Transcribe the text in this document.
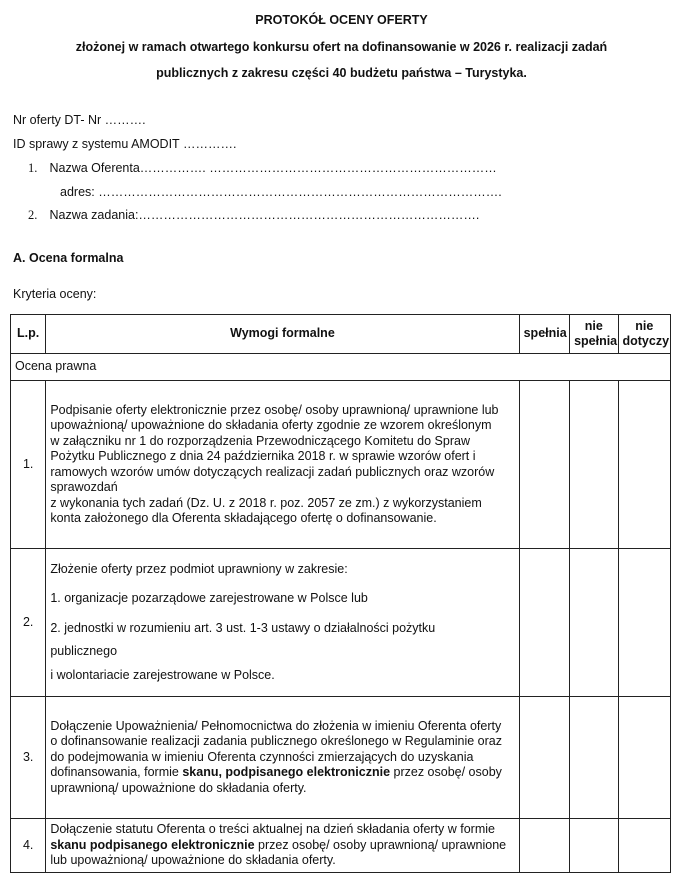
PROTOKÓŁ OCENY OFERTY
złożonej w ramach otwartego konkursu ofert na dofinansowanie w 2026 r. realizacji zadań
publicznych z zakresu części 40 budżetu państwa – Turystyka.
Nr oferty DT- Nr ……….
ID sprawy z systemu AMODIT ………….
1. Nazwa Oferenta……………. ……………………………………………………………
adres: …………………………………………………………………………………….
2. Nazwa zadania:……………………………………………………………………….
A. Ocena formalna
Kryteria oceny:
L.p.	Wymogi formalne	spełnia	nie spełnia	nie dotyczy
Ocena prawna				
1.	Podpisanie oferty elektronicznie przez osobę/ osoby uprawnioną/ uprawnione lub upoważnioną/ upoważnione do składania oferty zgodnie ze wzorem określonym

w załączniku nr 1 do rozporządzenia Przewodniczącego Komitetu do Spraw Pożytku Publicznego z dnia 24 października 2018 r. w sprawie wzorów ofert i ramowych wzorów umów dotyczących realizacji zadań publicznych oraz wzorów sprawozdań

z wykonania tych zadań (Dz. U. z 2018 r. poz. 2057 ze zm.) z wykorzystaniem konta założonego dla Oferenta składającego ofertę o dofinansowanie.			

2.	Złożenie oferty przez podmiot uprawniony w zakresie:

1. organizacje pozarządowe zarejestrowane w Polsce lub

2. jednostki w rozumieniu art. 3 ust. 1-3 ustawy o działalności pożytku

publicznego

i wolontariacie zarejestrowane w Polsce.			

3.	Dołączenie Upoważnienia/ Pełnomocnictwa do złożenia w imieniu Oferenta oferty

o dofinansowanie realizacji zadania publicznego określonego w Regulaminie oraz

do podejmowania w imieniu Oferenta czynności zmierzających do uzyskania dofinansowania, formie skanu, podpisanego elektronicznie przez osobę/ osoby uprawnioną/ upoważnione do składania oferty.			

4.	Dołączenie statutu Oferenta o treści aktualnej na dzień składania oferty w formie skanu podpisanego elektronicznie przez osobę/ osoby uprawnioną/ uprawnione lub upoważnioną/ upoważnione do składania oferty.			
